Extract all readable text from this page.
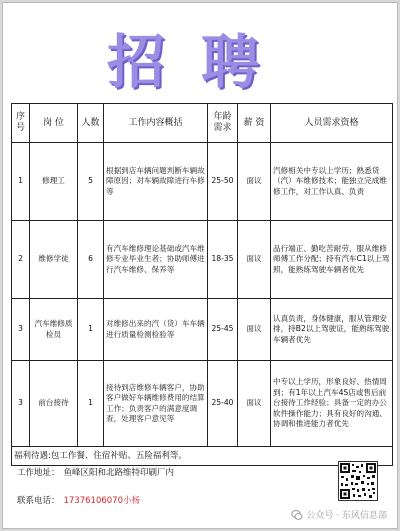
招聘
序号	岗 位	人数	工作内容概括	年龄需求	薪 资	人员需求资格
1	修理工	5	根据到店车辆问题判断车辆故障原因；对车辆故障进行车修等	25-50	面议	汽修相关中专以上学历；熟悉货（汽）车维修技术；能独立完成维修工作，对工作认真、负责
2	维修学徒	6	有汽车维修理论基础或汽车维修专业毕业生者；协助师傅进行汽车维修、保养等	18-35	面议	品行端正、勤吃苦耐劳、服从维修师傅工作分配；持有汽车C1以上驾照，能熟练驾驶车辆者优先
3	汽车维修质检员	1	对维修出来的汽（货）车车辆进行质量检测检验等	25-45	面议	认真负责，身体健康，服从管理安排，持B2以上驾驶证，能熟练驾驶车辆者优先
3	前台接待	1	接待到店维修车辆客户，协助客户做好车辆维修费用的结算工作；负责客户的满意度调查，处理客户意见等	25-40	面议	中专以上学历，形象良好、热情周到；有1年以上汽车4S店或售后前台接待工作经验；具备一定的办公软件操作能力；具有良好的沟通、协调和推进能力者优先
福利待遇:包工作餐、住宿补贴、五险福利等。						
工作地址： 鱼峰区阳和北路维特印刷厂内
联系电话： 17376106070小杨
公众号 · 东风信息部
